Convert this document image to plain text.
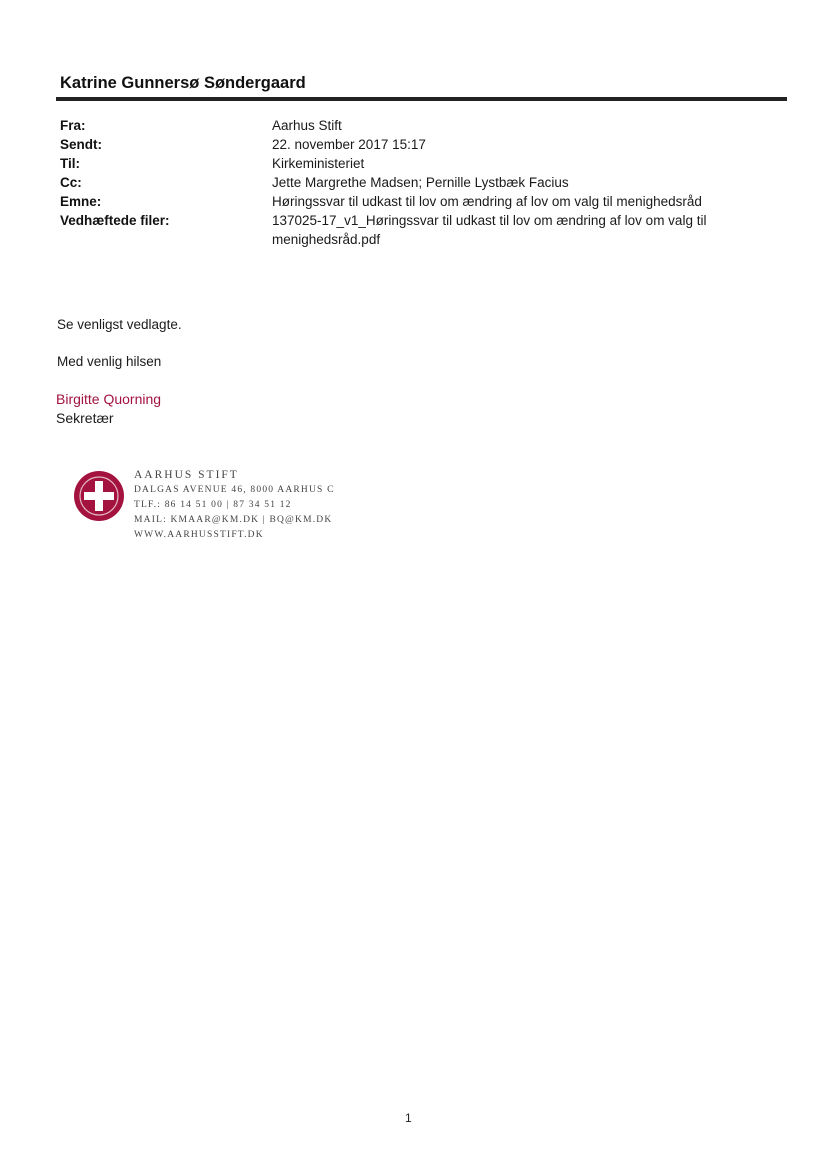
Katrine Gunnersø Søndergaard
Fra:	Aarhus Stift
Sendt:	22. november 2017 15:17
Til:	Kirkeministeriet
Cc:	Jette Margrethe Madsen; Pernille Lystbæk Facius
Emne:	Høringssvar til udkast til lov om ændring af lov om valg til menighedsråd
Vedhæftede filer:	137025-17_v1_Høringssvar til udkast til lov om ændring af lov om valg til menighedsråd.pdf
Se venligst vedlagte.
Med venlig hilsen
Birgitte Quorning
Sekretær
AARHUS STIFT
DALGAS AVENUE 46, 8000 AARHUS C
TLF.: 86 14 51 00 | 87 34 51 12
MAIL: KMAAR@KM.DK | BQ@KM.DK
WWW.AARHUSSTIFT.DK
1
